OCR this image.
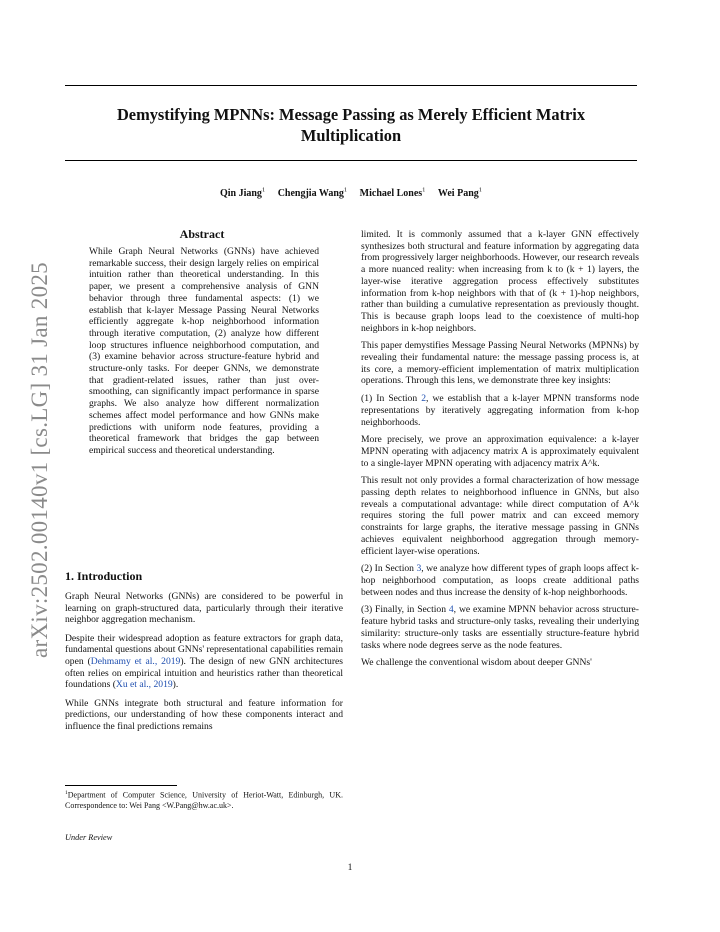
Demystifying MPNNs: Message Passing as Merely Efficient Matrix Multiplication
Qin Jiang$^1$ Chengjia Wang$^1$ Michael Lones$^1$ Wei Pang$^1$
arXiv:2502.00140v1 [cs.LG] 31 Jan 2025
Abstract
While Graph Neural Networks (GNNs) have achieved remarkable success, their design largely relies on empirical intuition rather than theoretical understanding. In this paper, we present a comprehensive analysis of GNN behavior through three fundamental aspects: (1) we establish that k-layer Message Passing Neural Networks efficiently aggregate k-hop neighborhood information through iterative computation, (2) analyze how different loop structures influence neighborhood computation, and (3) examine behavior across structure-feature hybrid and structure-only tasks. For deeper GNNs, we demonstrate that gradient-related issues, rather than just over-smoothing, can significantly impact performance in sparse graphs. We also analyze how different normalization schemes affect model performance and how GNNs make predictions with uniform node features, providing a theoretical framework that bridges the gap between empirical success and theoretical understanding.
1. Introduction

Graph Neural Networks (GNNs) are considered to be powerful in learning on graph-structured data, particularly through their iterative neighbor aggregation mechanism.

Despite their widespread adoption as feature extractors for graph data, fundamental questions about GNNs' representational capabilities remain open (Dehmamy et al., 2019). The design of new GNN architectures often relies on empirical intuition and heuristics rather than theoretical foundations (Xu et al., 2019).

While GNNs integrate both structural and feature information for predictions, our understanding of how these components interact and influence the final predictions remains

$^1$Department of Computer Science, University of Heriot-Watt, Edinburgh, UK. Correspondence to: Wei Pang <W.Pang@hw.ac.uk>.
Under Review

limited. It is commonly assumed that a k-layer GNN effectively synthesizes both structural and feature information by aggregating data from progressively larger neighborhoods. However, our research reveals a more nuanced reality: when increasing from k to (k + 1) layers, the layer-wise iterative aggregation process effectively substitutes information from k-hop neighbors with that of (k + 1)-hop neighbors, rather than building a cumulative representation as previously thought. This is because graph loops lead to the coexistence of multi-hop neighbors in k-hop neighbors.

This paper demystifies Message Passing Neural Networks (MPNNs) by revealing their fundamental nature: the message passing process is, at its core, a memory-efficient implementation of matrix multiplication operations. Through this lens, we demonstrate three key insights:

(1) In Section 2, we establish that a k-layer MPNN transforms node representations by iteratively aggregating information from k-hop neighborhoods.

More precisely, we prove an approximation equivalence: a k-layer MPNN operating with adjacency matrix A is approximately equivalent to a single-layer MPNN operating with adjacency matrix A^k.

This result not only provides a formal characterization of how message passing depth relates to neighborhood influence in GNNs, but also reveals a computational advantage: while direct computation of A^k requires storing the full power matrix and can exceed memory constraints for large graphs, the iterative message passing in GNNs achieves equivalent neighborhood aggregation through memory-efficient layer-wise operations.

(2) In Section 3, we analyze how different types of graph loops affect k-hop neighborhood computation, as loops create additional paths between nodes and thus increase the density of k-hop neighborhoods.

(3) Finally, in Section 4, we examine MPNN behavior across structure-feature hybrid tasks and structure-only tasks, revealing their underlying similarity: structure-only tasks are essentially structure-feature hybrid tasks where node degrees serve as the node features.

We challenge the conventional wisdom about deeper GNNs'

1
